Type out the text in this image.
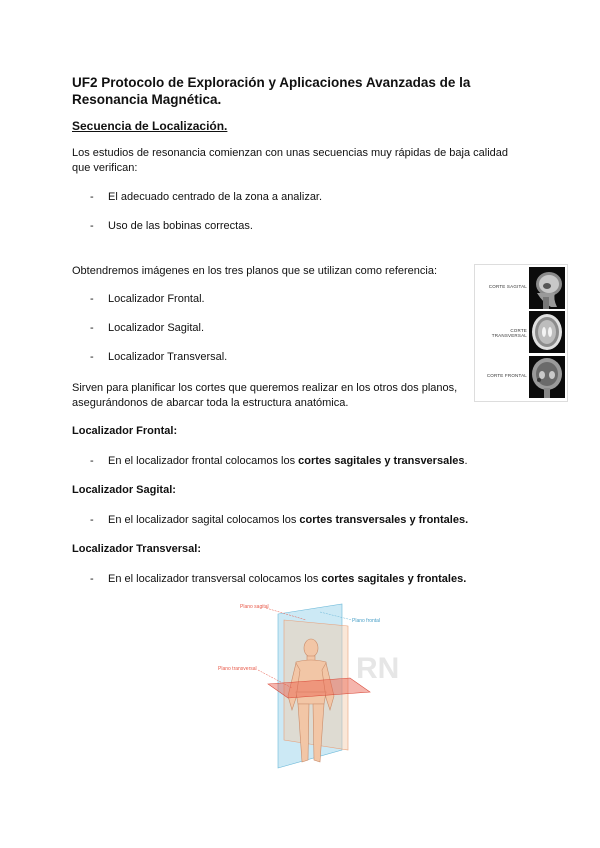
UF2 Protocolo de Exploración y Aplicaciones Avanzadas de la Resonancia Magnética.
Secuencia de Localización.
Los estudios de resonancia comienzan con unas secuencias muy rápidas de baja calidad que verifican:
- El adecuado centrado de la zona a analizar.
- Uso de las bobinas correctas.
Obtendremos imágenes en los tres planos que se utilizan como referencia:
- Localizador Frontal.
- Localizador Sagital.
- Localizador Transversal.
CORTE SAGITAL
CORTE TRANSVERSAL
CORTE FRONTAL
Sirven para planificar los cortes que queremos realizar en los otros dos planos, asegurándonos de abarcar toda la estructura anatómica.
Localizador Frontal:
- En el localizador frontal colocamos los cortes sagitales y transversales.
Localizador Sagital:
- En el localizador sagital colocamos los cortes transversales y frontales.
Localizador Transversal:
- En el localizador transversal colocamos los cortes sagitales y frontales.
RN
Plano sagital
Plano frontal
Plano transversal
